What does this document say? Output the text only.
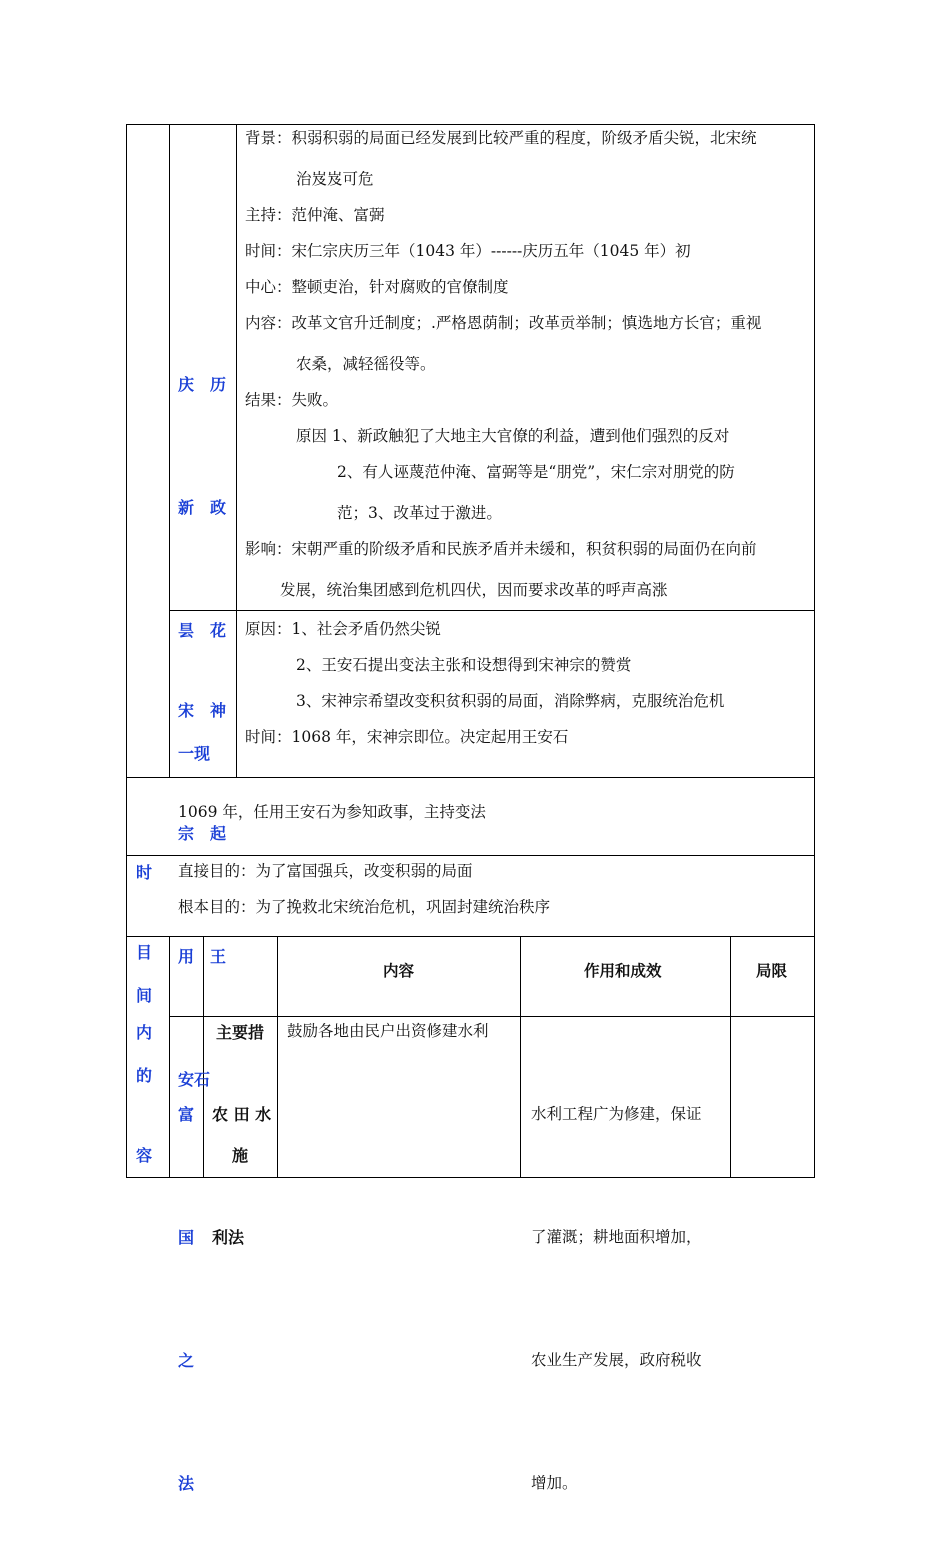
庆　历

新　政

昙　花

一现

背景：积弱积弱的局面已经发展到比较严重的程度，阶级矛盾尖锐，北宋统
治岌岌可危
主持：范仲淹、富弼
时间：宋仁宗庆历三年（1043 年）------庆历五年（1045 年）初
中心：整顿吏治，针对腐败的官僚制度
内容：改革文官升迁制度；.严格恩荫制；改革贡举制；慎选地方长官；重视
农桑，减轻徭役等。
结果：失败。
原因 1、新政触犯了大地主大官僚的利益，遭到他们强烈的反对
2、有人诬蔑范仲淹、富弼等是“朋党”，宋仁宗对朋党的防
范；3、改革过于激进。
影响：宋朝严重的阶级矛盾和民族矛盾并未缓和，积贫积弱的局面仍在向前
发展，统治集团感到危机四伏，因而要求改革的呼声高涨

宋　神

宗　起

用　王

安石

原因：1、社会矛盾仍然尖锐
2、王安石提出变法主张和设想得到宋神宗的赞赏
3、宋神宗希望改变积贫积弱的局面，消除弊病，克服统治危机
时间：1068 年，宋神宗即位。决定起用王安石

时

间

1069 年，任用王安石为参知政事，主持变法

目

的

直接目的：为了富国强兵，改变积弱的局面
根本目的：为了挽救北宋统治危机，巩固封建统治秩序

内

容

主要措

施

内容	作用和成效	局限

富

国

之

法

农 田 水

利法

鼓励各地由民户出资修建水利

水利工程广为修建，保证

了灌溉；耕地面积增加，

农业生产发展，政府税收

增加。
